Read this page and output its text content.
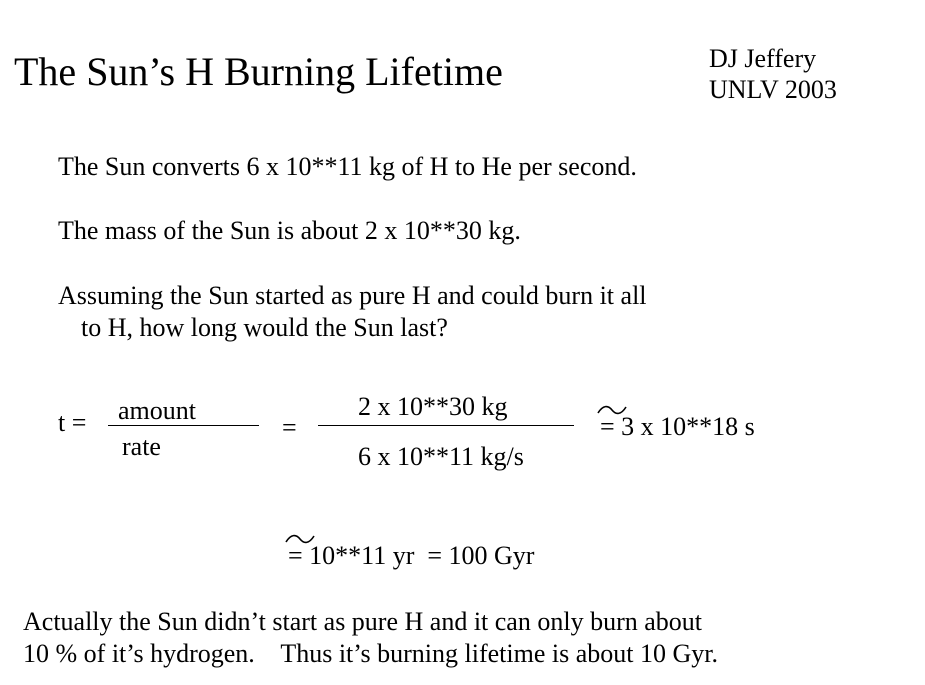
The Sun’s H Burning Lifetime	DJ Jeffery
UNLV 2003
The Sun converts 6 x 10**11 kg of H to He per second.
The mass of the Sun is about 2 x 10**30 kg.
Assuming the Sun started as pure H and could burn it all
to H, how long would the Sun last?
t = amount
rate
=
2 x 10**30 kg
6 x 10**11 kg/s
= 3 x 10**18 s
= 10**11 yr  = 100 Gyr
Actually the Sun didn’t start as pure H and it can only burn about
10 % of it’s hydrogen.    Thus it’s burning lifetime is about 10 Gyr.
